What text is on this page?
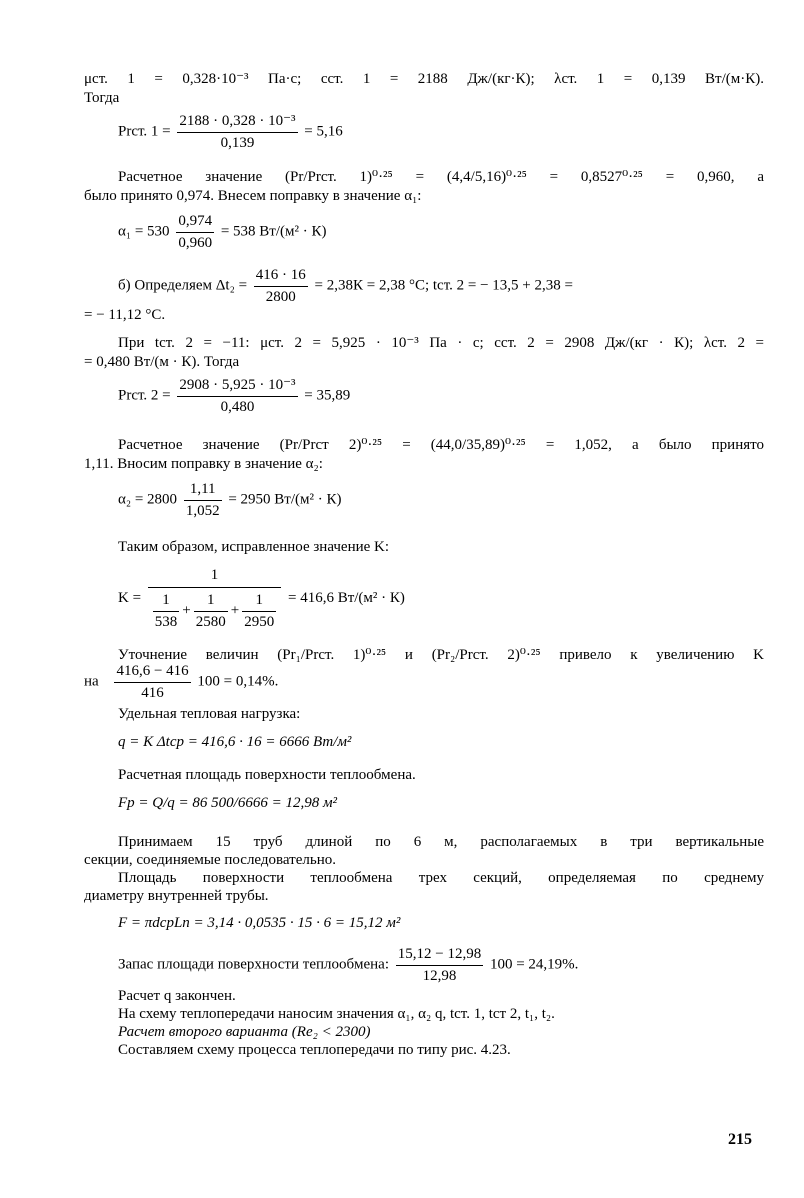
μст. 1 = 0,328·10⁻³ Па·с; cст. 1 = 2188 Дж/(кг·К); λст. 1 = 0,139 Вт/(м·К).
Тогда
Prст. $1 = \frac{\text{2188 · 0,328 · 10⁻³}}{0,139} = 5,16$
Расчетное значение (Pr/Prст. 1)⁰·²⁵ = (4,4/5,16)⁰·²⁵ = 0,8527⁰·²⁵ = 0,960, а
было принято 0,974. Внесем поправку в значение α₁:
$\alpha_1 = 530 \frac{0,974}{0,960} = 538$ Вт/(м² · К)
б) Определяем $\Delta t_2 = \frac{416 \cdot 16}{2800} = 2,38К = 2,38$ °С; tст. 2 = − 13,5 + 2,38 =
= − 11,12 °С.
При tст. 2 = −11: μст. 2 = 5,925 · 10⁻³ Па · с; cст. 2 = 2908 Дж/(кг · К); λст. 2 =
= 0,480 Вт/(м · К). Тогда
Prст. $2 = \frac{\text{2908 · 5,925 · 10⁻³}}{0,480} = 35,89$
Расчетное значение (Pr/Prст 2)⁰·²⁵ = (44,0/35,89)⁰·²⁵ = 1,052, а было принято
1,11. Вносим поправку в значение α₂:
$\alpha_2 = 2800 \frac{1,11}{1,052} = 2950$ Вт/(м² · К)
Таким образом, исправленное значение K:
K =
1
$\frac{1}{538} + \frac{1}{2580} + \frac{1}{2950} = 416,6$ Вт/(м² · К)
Уточнение величин (Pr₁/Prст. 1)⁰·²⁵ и (Pr₂/Prст. 2)⁰·²⁵ привело к увеличению K
на $\frac{416,6 - 416}{416} 100 = 0,14\%$.
Удельная тепловая нагрузка:
q = K Δtср = 416,6 · 16 = 6666 Вт/м²
Расчетная площадь поверхности теплообмена.
Fр = Q/q = 86 500/6666 = 12,98 м²
Принимаем 15 труб длиной по 6 м, располагаемых в три вертикальные
секции, соединяемые последовательно.
Площадь поверхности теплообмена трех секций, определяемая по среднему
диаметру внутренней трубы.
F = πdсрLn = 3,14 · 0,0535 · 15 · 6 = 15,12 м²
Запас площади поверхности теплообмена: $\frac{15,12 - 12,98}{12,98} 100 = 24,19\%$.
Расчет q закончен.
На схему теплопередачи наносим значения α₁, α₂ q, tст. 1, tст 2, t₁, t₂.
Расчет второго варианта (Re₂ < 2300)
Составляем схему процесса теплопередачи по типу рис. 4.23.
215
